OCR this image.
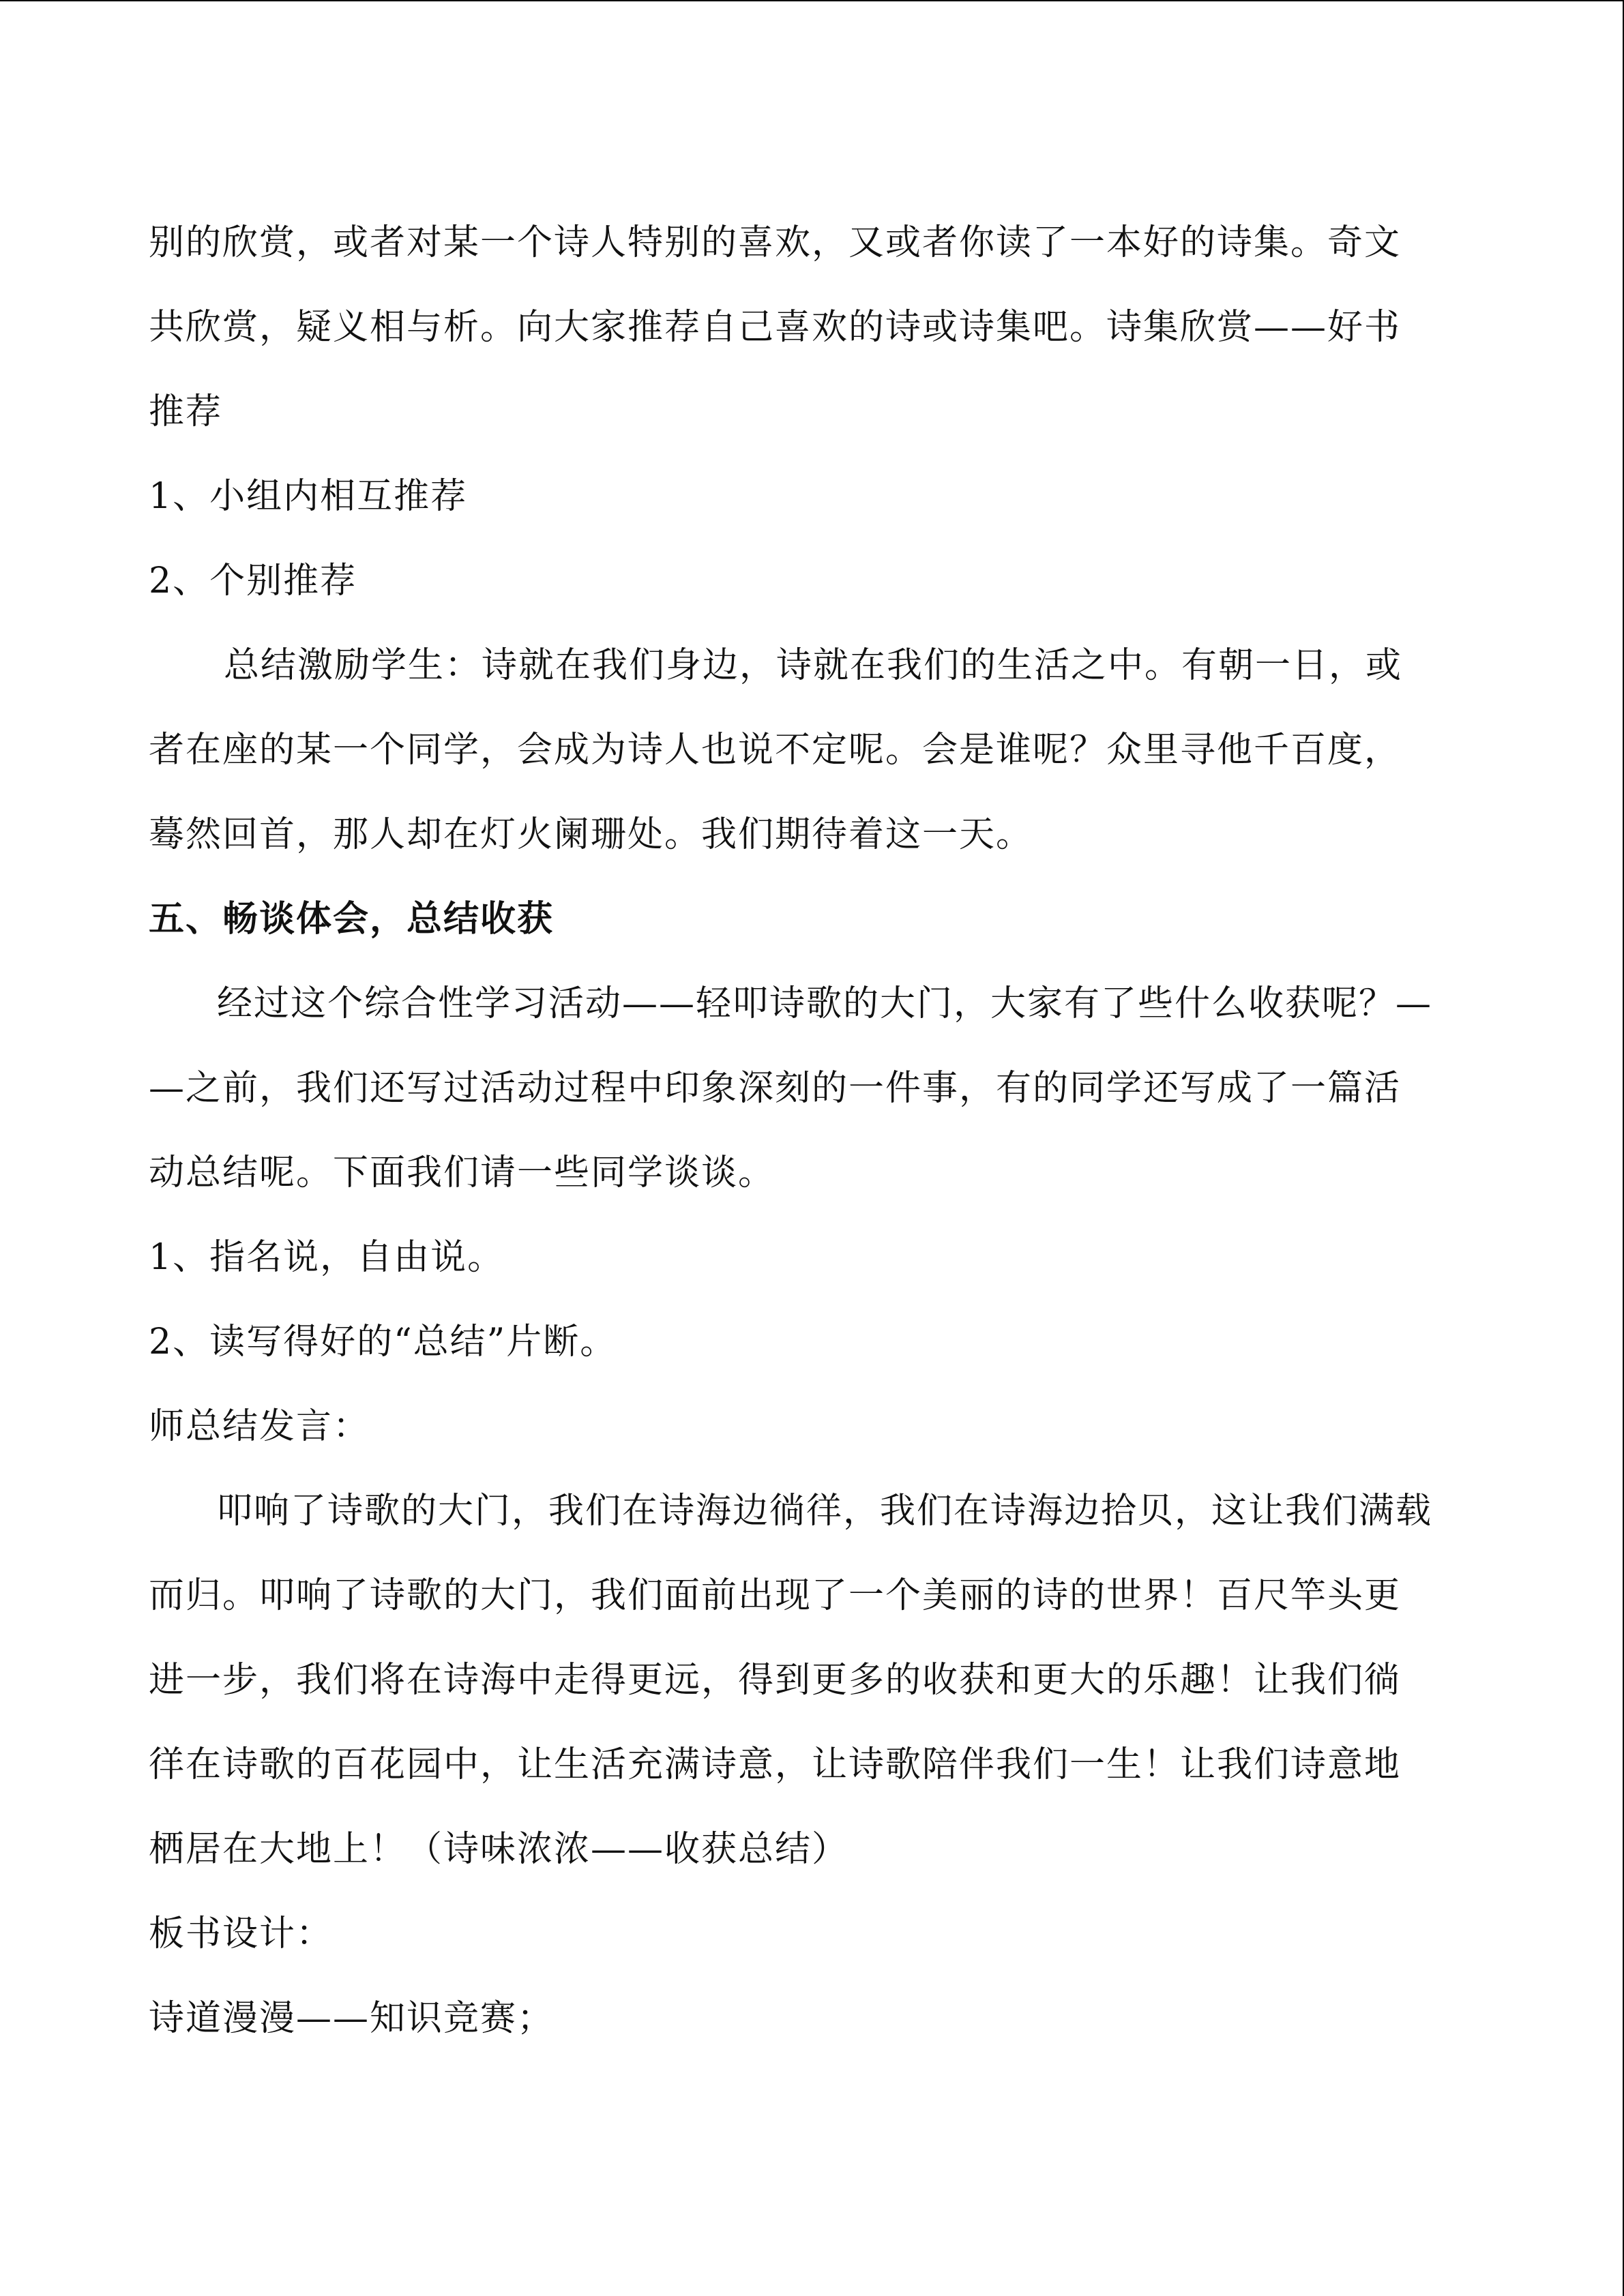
别的欣赏，或者对某一个诗人特别的喜欢，又或者你读了一本好的诗集。奇文
共欣赏，疑义相与析。向大家推荐自己喜欢的诗或诗集吧。诗集欣赏——好书
推荐
1、小组内相互推荐
2、个别推荐
总结激励学生：诗就在我们身边，诗就在我们的生活之中。有朝一日，或
者在座的某一个同学，会成为诗人也说不定呢。会是谁呢？众里寻他千百度，
蓦然回首，那人却在灯火阑珊处。我们期待着这一天。
五、畅谈体会，总结收获
经过这个综合性学习活动——轻叩诗歌的大门，大家有了些什么收获呢？—
—之前，我们还写过活动过程中印象深刻的一件事，有的同学还写成了一篇活
动总结呢。下面我们请一些同学谈谈。
1、指名说，自由说。
2、读写得好的“总结”片断。
师总结发言：
叩响了诗歌的大门，我们在诗海边徜徉，我们在诗海边拾贝，这让我们满载
而归。叩响了诗歌的大门，我们面前出现了一个美丽的诗的世界！百尺竿头更
进一步，我们将在诗海中走得更远，得到更多的收获和更大的乐趣！让我们徜
徉在诗歌的百花园中，让生活充满诗意，让诗歌陪伴我们一生！让我们诗意地
栖居在大地上！（诗味浓浓——收获总结）
板书设计：
诗道漫漫——知识竞赛；
